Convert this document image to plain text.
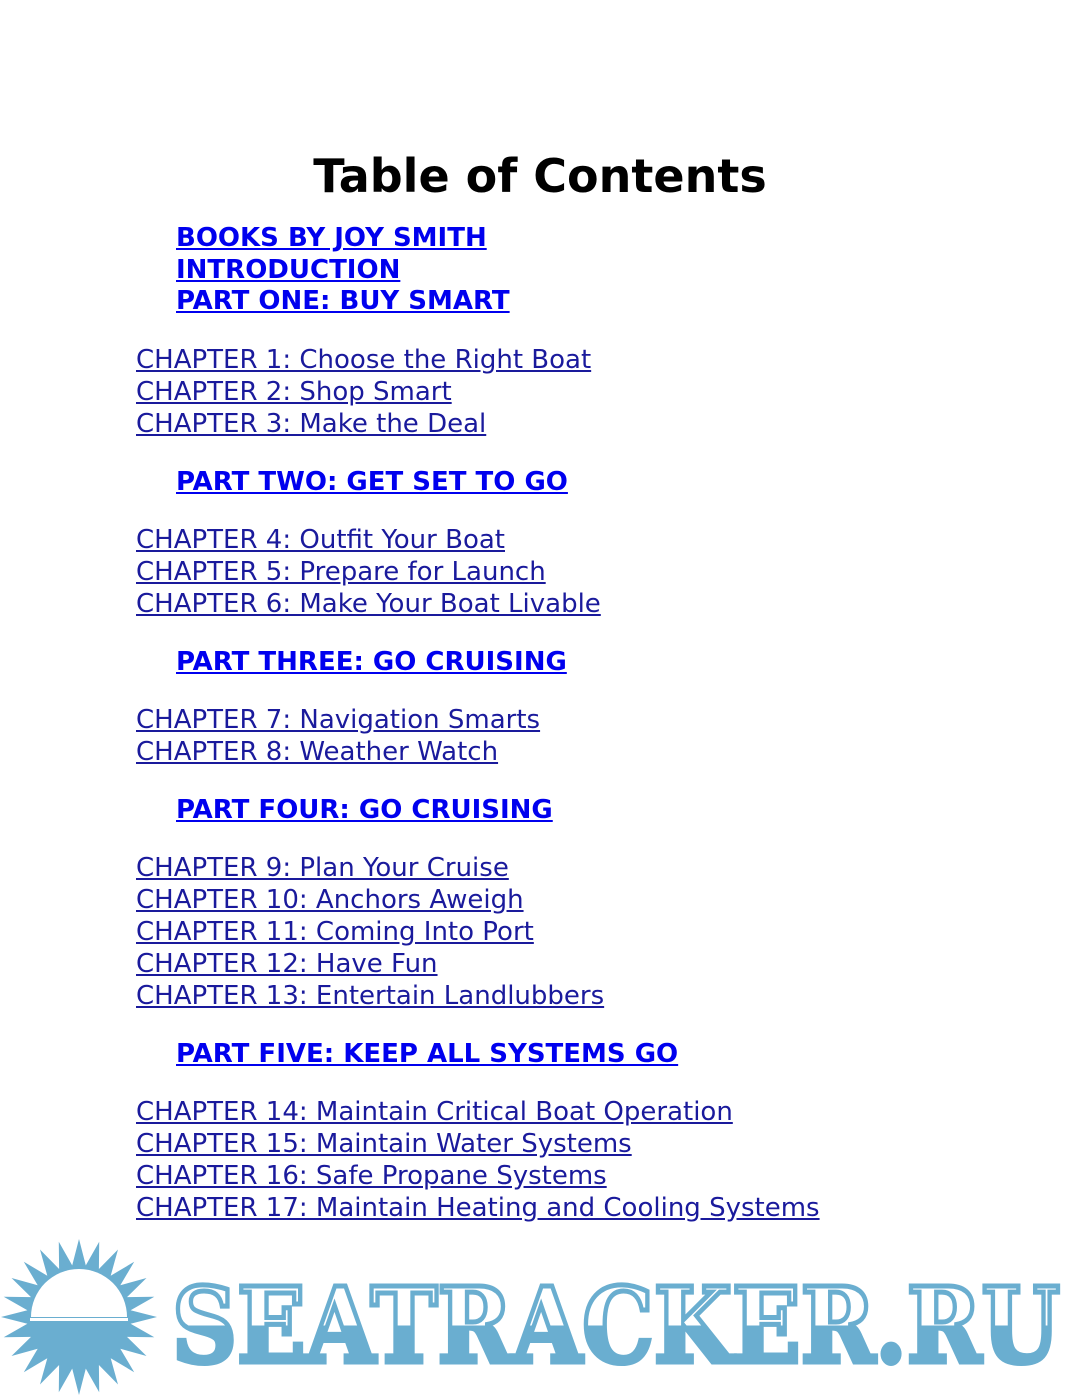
Table of Contents
BOOKS BY JOY SMITH
INTRODUCTION
PART ONE: BUY SMART
CHAPTER 1: Choose the Right Boat
CHAPTER 2: Shop Smart
CHAPTER 3: Make the Deal
PART TWO: GET SET TO GO
CHAPTER 4: Outfit Your Boat
CHAPTER 5: Prepare for Launch
CHAPTER 6: Make Your Boat Livable
PART THREE: GO CRUISING
CHAPTER 7: Navigation Smarts
CHAPTER 8: Weather Watch
PART FOUR: GO CRUISING
CHAPTER 9: Plan Your Cruise
CHAPTER 10: Anchors Aweigh
CHAPTER 11: Coming Into Port
CHAPTER 12: Have Fun
CHAPTER 13: Entertain Landlubbers
PART FIVE: KEEP ALL SYSTEMS GO
CHAPTER 14: Maintain Critical Boat Operation
CHAPTER 15: Maintain Water Systems
CHAPTER 16: Safe Propane Systems
CHAPTER 17: Maintain Heating and Cooling Systems
SEATRACKER.RU
